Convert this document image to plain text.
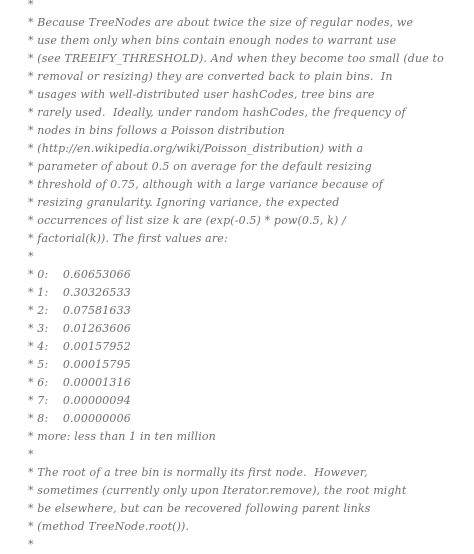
*
* Because TreeNodes are about twice the size of regular nodes, we
* use them only when bins contain enough nodes to warrant use
* (see TREEIFY_THRESHOLD). And when they become too small (due to
* removal or resizing) they are converted back to plain bins.  In
* usages with well-distributed user hashCodes, tree bins are
* rarely used.  Ideally, under random hashCodes, the frequency of
* nodes in bins follows a Poisson distribution
* (http://en.wikipedia.org/wiki/Poisson_distribution) with a
* parameter of about 0.5 on average for the default resizing
* threshold of 0.75, although with a large variance because of
* resizing granularity. Ignoring variance, the expected
* occurrences of list size k are (exp(-0.5) * pow(0.5, k) /
* factorial(k)). The first values are:
*
* 0:    0.60653066
* 1:    0.30326533
* 2:    0.07581633
* 3:    0.01263606
* 4:    0.00157952
* 5:    0.00015795
* 6:    0.00001316
* 7:    0.00000094
* 8:    0.00000006
* more: less than 1 in ten million
*
* The root of a tree bin is normally its first node.  However,
* sometimes (currently only upon Iterator.remove), the root might
* be elsewhere, but can be recovered following parent links
* (method TreeNode.root()).
*
